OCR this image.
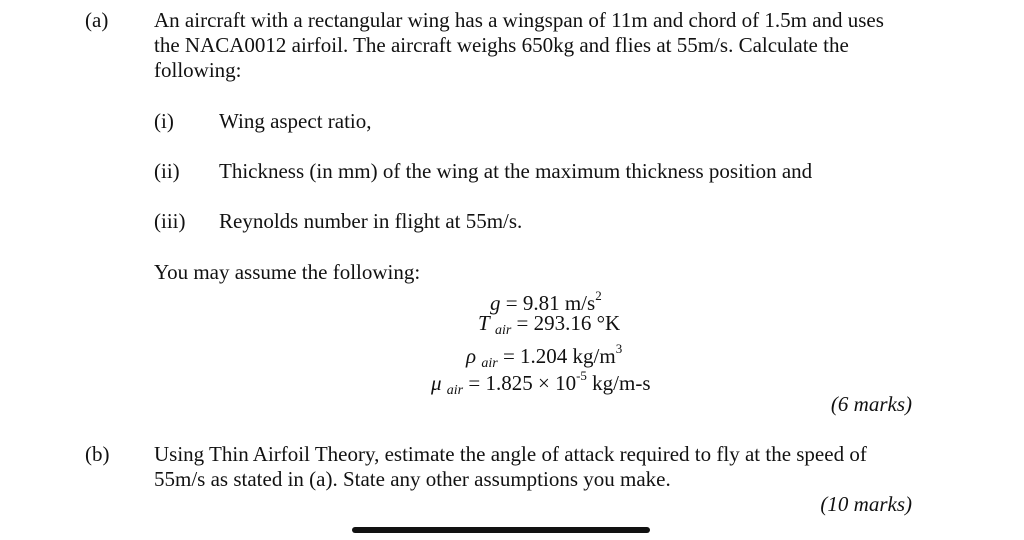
(a) An aircraft with a rectangular wing has a wingspan of 11m and chord of 1.5m and uses
the NACA0012 airfoil. The aircraft weighs 650kg and flies at 55m/s. Calculate the
following:
(i) Wing aspect ratio,
(ii) Thickness (in mm) of the wing at the maximum thickness position and
(iii) Reynolds number in flight at 55m/s.
You may assume the following:
g = 9.81 $m/s^2$
T air = 293.16 °K
ρ air = 1.204 $kg/m^3$
μ air = $1.825 \times 10^{-5}$ kg/m-s
(6 marks)
(b) Using Thin Airfoil Theory, estimate the angle of attack required to fly at the speed of
55m/s as stated in (a). State any other assumptions you make.
(10 marks)
